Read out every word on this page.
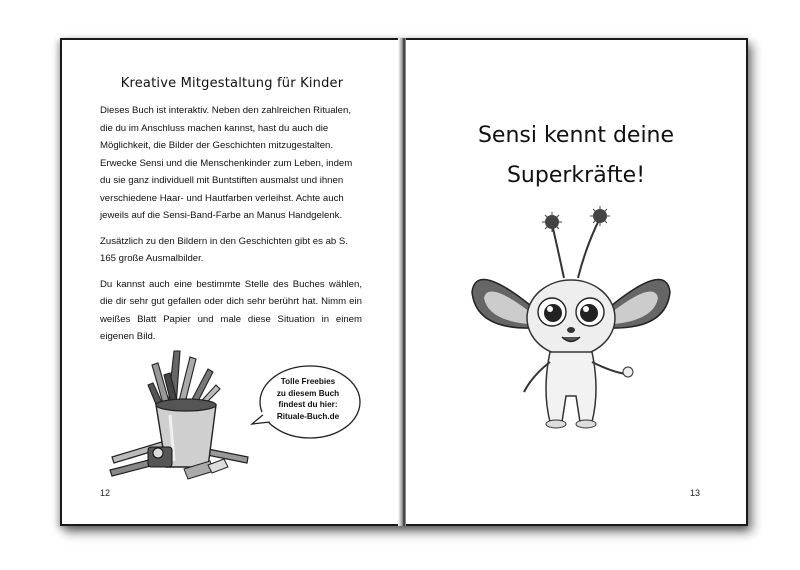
Kreative Mitgestaltung für Kinder

Dieses Buch ist interaktiv. Neben den zahlreichen Ritualen, die du im Anschluss machen kannst, hast du auch die Möglichkeit, die Bilder der Geschichten mitzugestalten. Erwecke Sensi und die Menschenkinder zum Leben, indem du sie ganz individuell mit Buntstiften ausmalst und ihnen verschiedene Haar- und Hautfarben verleihst. Achte auch jeweils auf die Sensi-Band-Farbe an Manus Handgelenk.

Zusätzlich zu den Bildern in den Geschichten gibt es ab S. 165 große Ausmalbilder.

Du kannst auch eine bestimmte Stelle des Buches wählen, die dir sehr gut gefallen oder dich sehr berührt hat. Nimm ein weißes Blatt Papier und male diese Situation in einem eigenen Bild.

Tolle Freebies
zu diesem Buch
findest du hier:
Rituale-Buch.de
12
Sensi kennt deine
Superkräfte!
13
